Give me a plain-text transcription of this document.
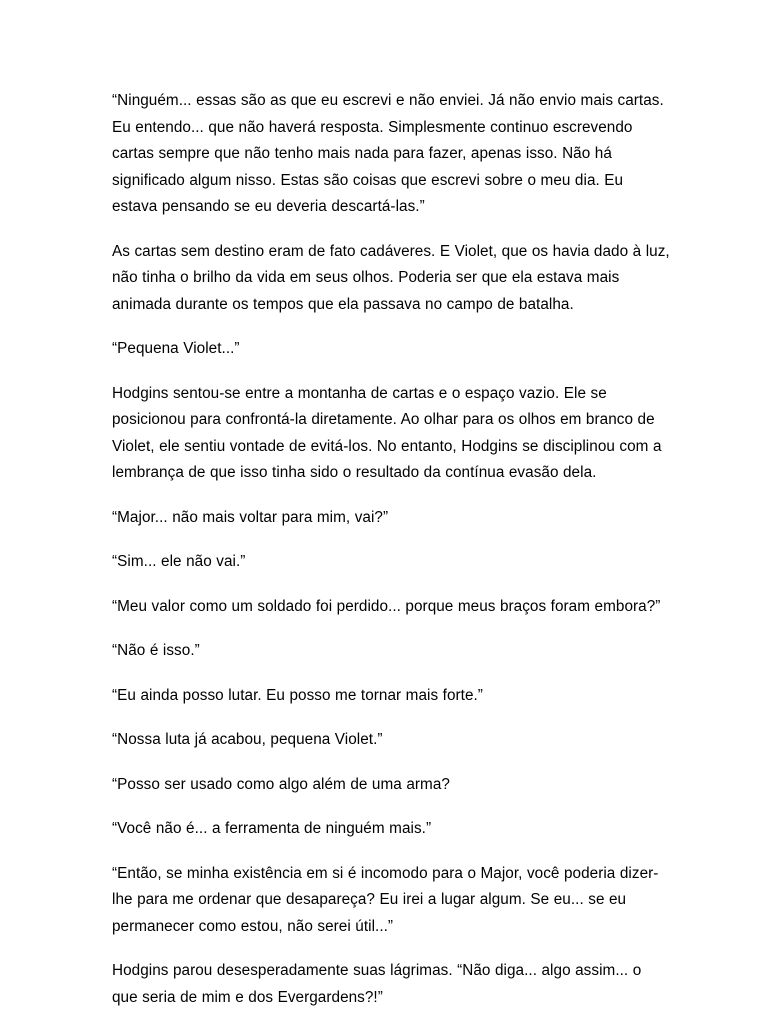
“Ninguém... essas são as que eu escrevi e não enviei. Já não envio mais cartas. Eu entendo... que não haverá resposta. Simplesmente continuo escrevendo cartas sempre que não tenho mais nada para fazer, apenas isso. Não há significado algum nisso. Estas são coisas que escrevi sobre o meu dia. Eu estava pensando se eu deveria descartá-las.”

As cartas sem destino eram de fato cadáveres. E Violet, que os havia dado à luz, não tinha o brilho da vida em seus olhos. Poderia ser que ela estava mais animada durante os tempos que ela passava no campo de batalha.

“Pequena Violet...”

Hodgins sentou-se entre a montanha de cartas e o espaço vazio. Ele se posicionou para confrontá-la diretamente. Ao olhar para os olhos em branco de Violet, ele sentiu vontade de evitá-los. No entanto, Hodgins se disciplinou com a lembrança de que isso tinha sido o resultado da contínua evasão dela.

“Major... não mais voltar para mim, vai?”

“Sim... ele não vai.”

“Meu valor como um soldado foi perdido... porque meus braços foram embora?”

“Não é isso.”

“Eu ainda posso lutar. Eu posso me tornar mais forte.”

“Nossa luta já acabou, pequena Violet.”

“Posso ser usado como algo além de uma arma?

“Você não é... a ferramenta de ninguém mais.”

“Então, se minha existência em si é incomodo para o Major, você poderia dizer-lhe para me ordenar que desapareça? Eu irei a lugar algum. Se eu... se eu permanecer como estou, não serei útil...”

Hodgins parou desesperadamente suas lágrimas. “Não diga... algo assim... o que seria de mim e dos Evergardens?!”
